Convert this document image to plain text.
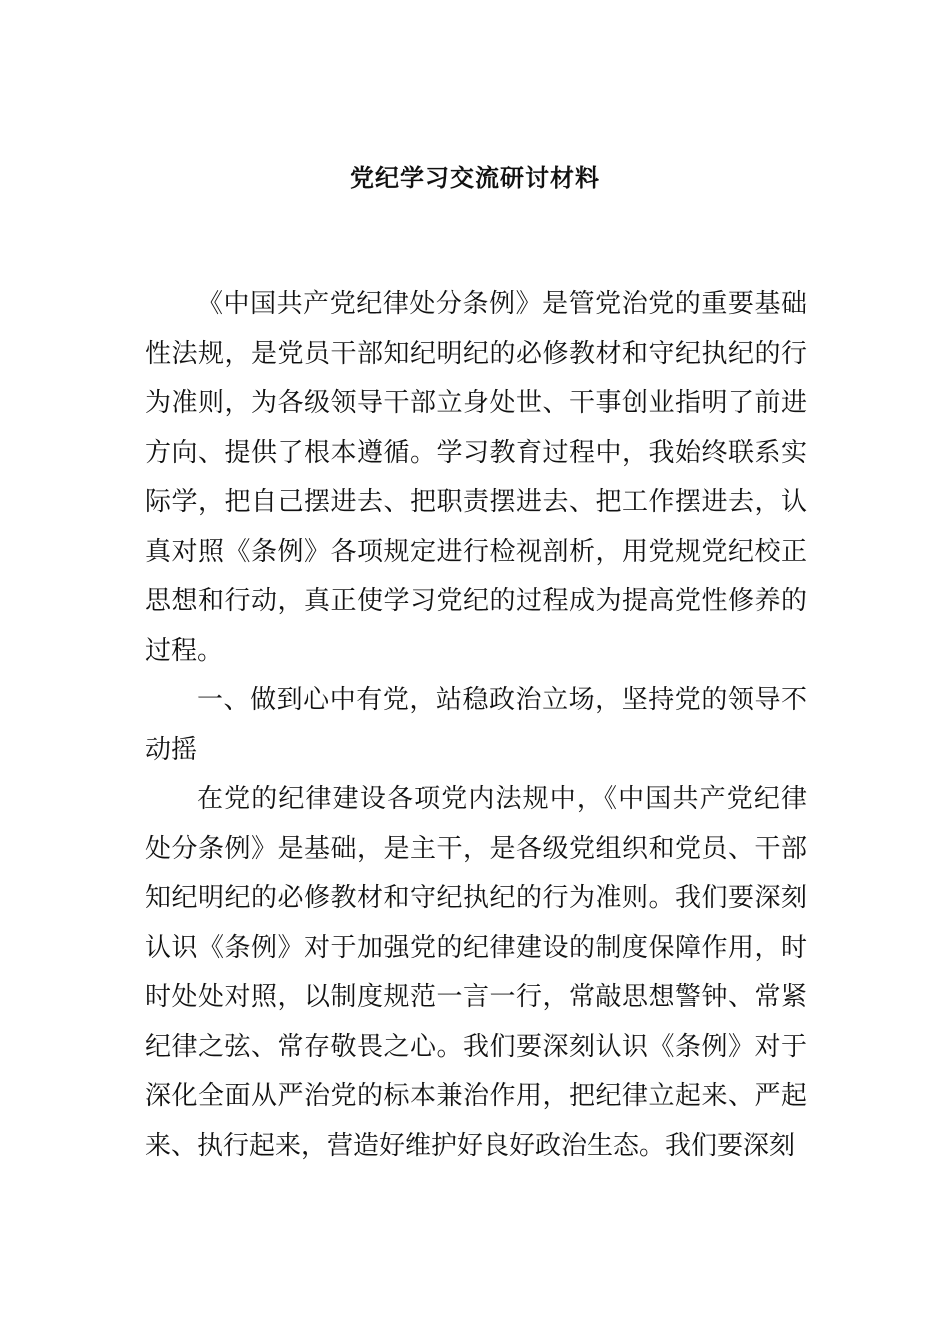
党纪学习交流研讨材料

《中国共产党纪律处分条例》是管党治党的重要基础性法规，是党员干部知纪明纪的必修教材和守纪执纪的行为准则，为各级领导干部立身处世、干事创业指明了前进方向、提供了根本遵循。学习教育过程中，我始终联系实际学，把自己摆进去、把职责摆进去、把工作摆进去，认真对照《条例》各项规定进行检视剖析，用党规党纪校正思想和行动，真正使学习党纪的过程成为提高党性修养的过程。

一、做到心中有党，站稳政治立场，坚持党的领导不动摇

在党的纪律建设各项党内法规中，《中国共产党纪律处分条例》是基础，是主干，是各级党组织和党员、干部知纪明纪的必修教材和守纪执纪的行为准则。我们要深刻认识《条例》对于加强党的纪律建设的制度保障作用，时时处处对照，以制度规范一言一行，常敲思想警钟、常紧纪律之弦、常存敬畏之心。我们要深刻认识《条例》对于深化全面从严治党的标本兼治作用，把纪律立起来、严起来、执行起来，营造好维护好良好政治生态。我们要深刻
